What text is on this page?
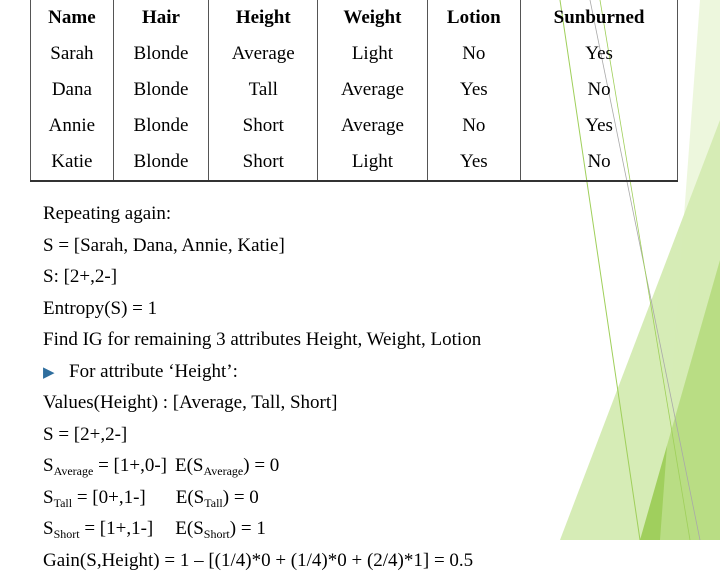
Name	Hair	Height	Weight	Lotion	Sunburned
Sarah	Blonde	Average	Light	No	Yes
Dana	Blonde	Tall	Average	Yes	No
Annie	Blonde	Short	Average	No	Yes
Katie	Blonde	Short	Light	Yes	No
Repeating again:
S = [Sarah, Dana, Annie, Katie]
S: [2+,2-]
Entropy(S) = 1
Find IG for remaining 3 attributes Height, Weight, Lotion
▶ For attribute ‘Height’:
Values(Height) : [Average, Tall, Short]
S = [2+,2-]
$S_{Average} = [1+,0-] E(S_{Average}) = 0$
$S_{Tall} = [0+,1-] E(S_{Tall}) = 0$
$S_{Short} = [1+,1-] E(S_{Short}) = 1$
Gain(S,Height) = 1 – [(1/4)*0 + (1/4)*0 + (2/4)*1] = 0.5
